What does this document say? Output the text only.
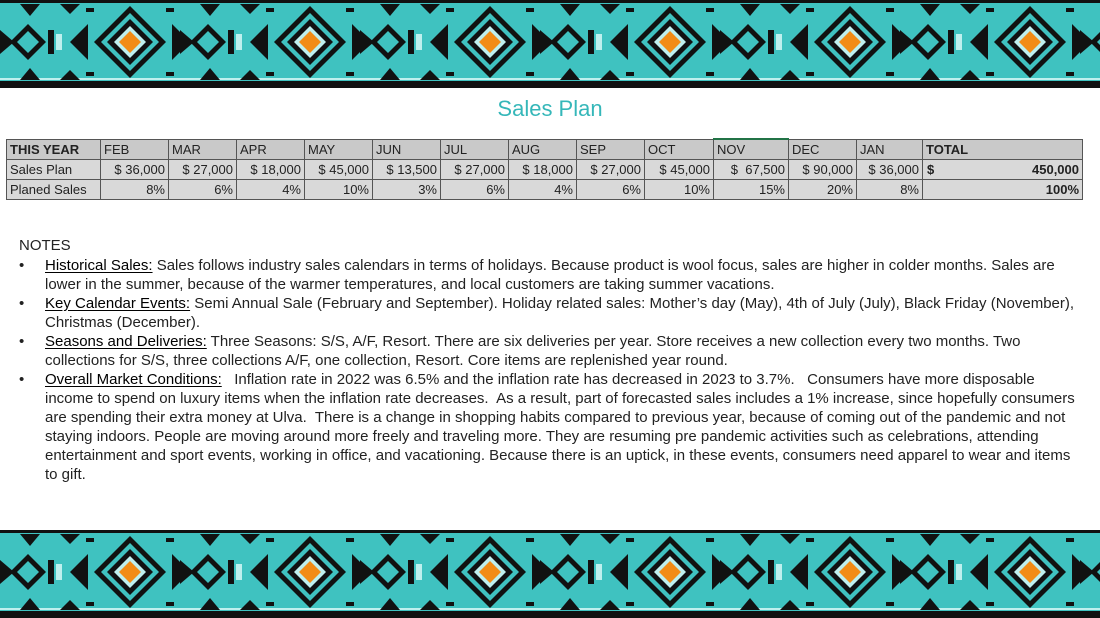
Sales Plan
THIS YEAR	FEB	MAR	APR	MAY	JUN	JUL	AUG	SEP	OCT	NOV	DEC	JAN	TOTAL
Sales Plan	$ 36,000	$ 27,000	$ 18,000	$ 45,000	$ 13,500	$ 27,000	$ 18,000	$ 27,000	$ 45,000	$  67,500	$ 90,000	$ 36,000	$ 450,000
Planed Sales	8%	6%	4%	10%	3%	6%	4%	6%	10%	15%	20%	8%	100%
NOTES
• Historical Sales: Sales follows industry sales calendars in terms of holidays. Because product is wool focus, sales are higher in colder months. Sales are lower in the summer, because of the warmer temperatures, and local customers are taking summer vacations.
• Key Calendar Events: Semi Annual Sale (February and September). Holiday related sales: Mother’s day (May), 4th of July (July), Black Friday (November), Christmas (December).
• Seasons and Deliveries: Three Seasons: S/S, A/F, Resort. There are six deliveries per year. Store receives a new collection every two months. Two collections for S/S, three collections A/F, one collection, Resort. Core items are replenished year round.
• Overall Market Conditions:   Inflation rate in 2022 was 6.5% and the inflation rate has decreased in 2023 to 3.7%.   Consumers have more disposable income to spend on luxury items when the inflation rate decreases.  As a result, part of forecasted sales includes a 1% increase, since hopefully consumers are spending their extra money at Ulva.  There is a change in shopping habits compared to previous year, because of coming out of the pandemic and not staying indoors. People are moving around more freely and traveling more. They are resuming pre pandemic activities such as celebrations, attending entertainment and sport events, working in office, and vacationing. Because there is an uptick, in these events, consumers need apparel to wear and items to gift.
